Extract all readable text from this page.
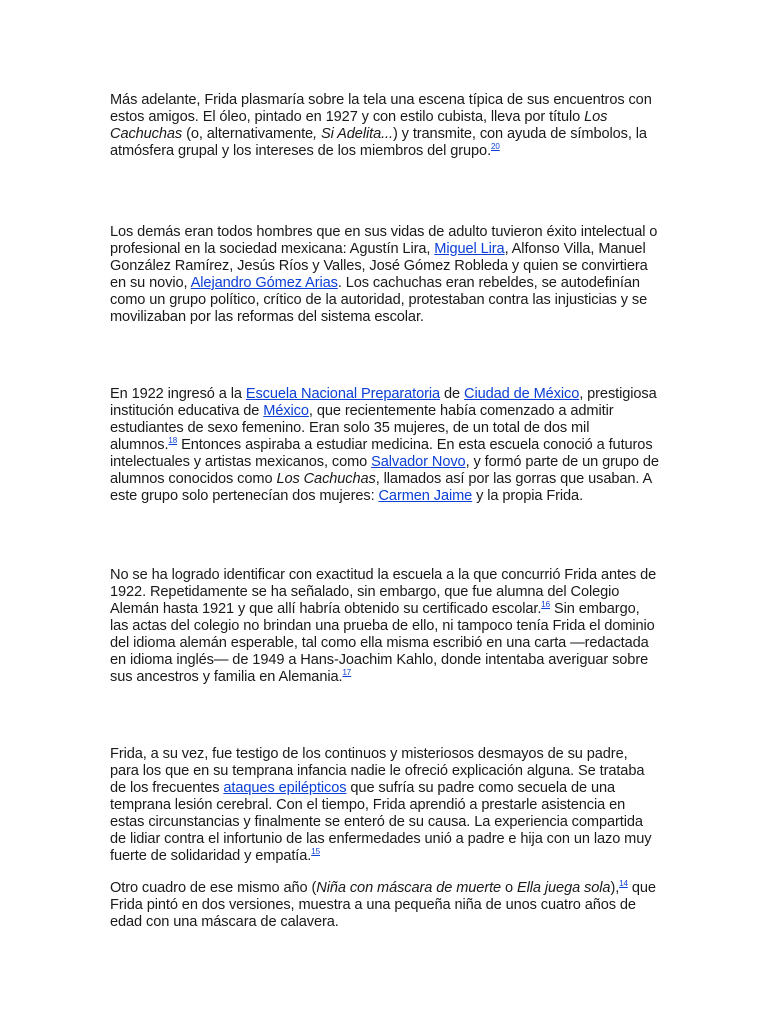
Más adelante, Frida plasmaría sobre la tela una escena típica de sus encuentros con estos amigos. El óleo, pintado en 1927 y con estilo cubista, lleva por título Los Cachuchas (o, alternativamente, Si Adelita...) y transmite, con ayuda de símbolos, la atmósfera grupal y los intereses de los miembros del grupo.$^{20}$

Los demás eran todos hombres que en sus vidas de adulto tuvieron éxito intelectual o profesional en la sociedad mexicana: Agustín Lira, Miguel Lira, Alfonso Villa, Manuel González Ramírez, Jesús Ríos y Valles, José Gómez Robleda y quien se convirtiera en su novio, Alejandro Gómez Arias. Los cachuchas eran rebeldes, se autodefinían como un grupo político, crítico de la autoridad, protestaban contra las injusticias y se movilizaban por las reformas del sistema escolar.

En 1922 ingresó a la Escuela Nacional Preparatoria de Ciudad de México, prestigiosa institución educativa de México, que recientemente había comenzado a admitir estudiantes de sexo femenino. Eran solo 35 mujeres, de un total de dos mil alumnos.$^{18}$ Entonces aspiraba a estudiar medicina. En esta escuela conoció a futuros intelectuales y artistas mexicanos, como Salvador Novo, y formó parte de un grupo de alumnos conocidos como Los Cachuchas, llamados así por las gorras que usaban. A este grupo solo pertenecían dos mujeres: Carmen Jaime y la propia Frida.

No se ha logrado identificar con exactitud la escuela a la que concurrió Frida antes de 1922. Repetidamente se ha señalado, sin embargo, que fue alumna del Colegio Alemán hasta 1921 y que allí habría obtenido su certificado escolar.$^{16}$ Sin embargo, las actas del colegio no brindan una prueba de ello, ni tampoco tenía Frida el dominio del idioma alemán esperable, tal como ella misma escribió en una carta —redactada en idioma inglés— de 1949 a Hans-Joachim Kahlo, donde intentaba averiguar sobre sus ancestros y familia en Alemania.$^{17}$

Frida, a su vez, fue testigo de los continuos y misteriosos desmayos de su padre, para los que en su temprana infancia nadie le ofreció explicación alguna. Se trataba de los frecuentes ataques epilépticos que sufría su padre como secuela de una temprana lesión cerebral. Con el tiempo, Frida aprendió a prestarle asistencia en estas circunstancias y finalmente se enteró de su causa. La experiencia compartida de lidiar contra el infortunio de las enfermedades unió a padre e hija con un lazo muy fuerte de solidaridad y empatía.$^{15}$

Otro cuadro de ese mismo año (Niña con máscara de muerte o Ella juega sola),$^{14}$ que Frida pintó en dos versiones, muestra a una pequeña niña de unos cuatro años de edad con una máscara de calavera.
